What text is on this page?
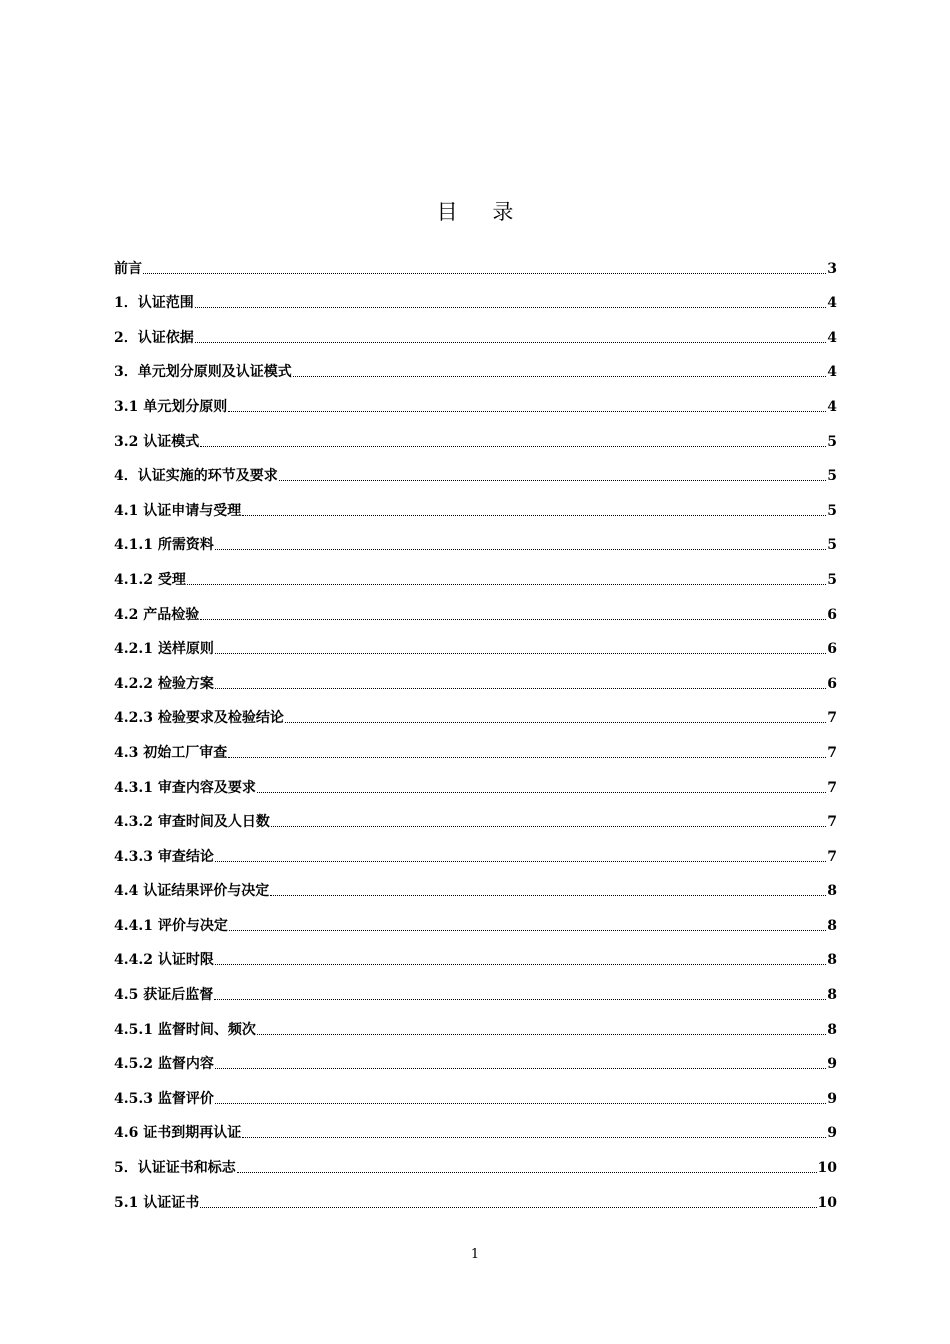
目 录
前言	3
1．认证范围	4
2．认证依据	4
3．单元划分原则及认证模式	4
3.1 单元划分原则	4
3.2 认证模式	5
4．认证实施的环节及要求	5
4.1 认证申请与受理	5
4.1.1 所需资料	5
4.1.2 受理	5
4.2 产品检验	6
4.2.1 送样原则	6
4.2.2 检验方案	6
4.2.3 检验要求及检验结论	7
4.3 初始工厂审查	7
4.3.1 审查内容及要求	7
4.3.2 审查时间及人日数	7
4.3.3 审查结论	7
4.4 认证结果评价与决定	8
4.4.1 评价与决定	8
4.4.2 认证时限	8
4.5 获证后监督	8
4.5.1 监督时间、频次	8
4.5.2 监督内容	9
4.5.3 监督评价	9
4.6 证书到期再认证	9
5．认证证书和标志	10
5.1 认证证书	10
1
